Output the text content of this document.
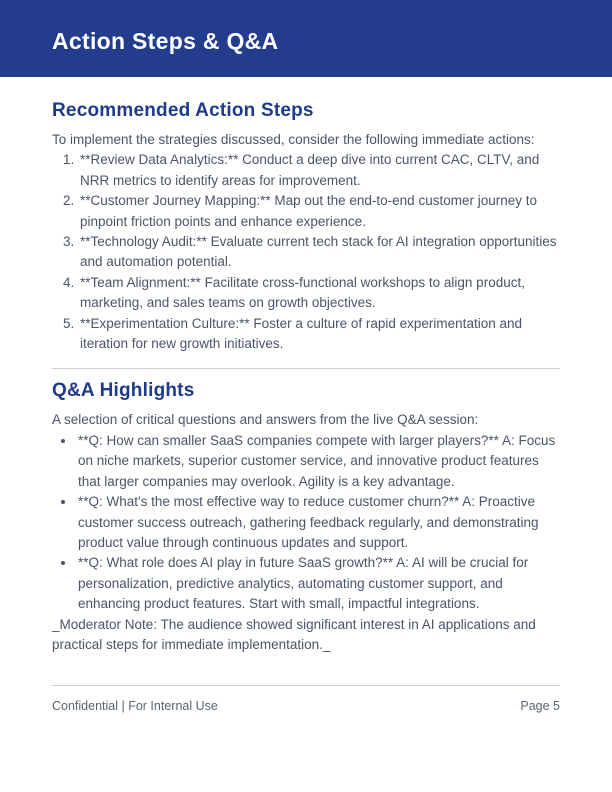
Action Steps & Q&A
Recommended Action Steps

To implement the strategies discussed, consider the following immediate actions:

1. **Review Data Analytics:** Conduct a deep dive into current CAC, CLTV, and NRR metrics to identify areas for improvement.
2. **Customer Journey Mapping:** Map out the end-to-end customer journey to pinpoint friction points and enhance experience.
3. **Technology Audit:** Evaluate current tech stack for AI integration opportunities and automation potential.
4. **Team Alignment:** Facilitate cross-functional workshops to align product, marketing, and sales teams on growth objectives.
5. **Experimentation Culture:** Foster a culture of rapid experimentation and iteration for new growth initiatives.
Q&A Highlights

A selection of critical questions and answers from the live Q&A session:

• **Q: How can smaller SaaS companies compete with larger players?** A: Focus on niche markets, superior customer service, and innovative product features that larger companies may overlook. Agility is a key advantage.
• **Q: What's the most effective way to reduce customer churn?** A: Proactive customer success outreach, gathering feedback regularly, and demonstrating product value through continuous updates and support.
• **Q: What role does AI play in future SaaS growth?** A: AI will be crucial for personalization, predictive analytics, automating customer support, and enhancing product features. Start with small, impactful integrations.

_Moderator Note: The audience showed significant interest in AI applications and practical steps for immediate implementation._

Confidential | For Internal Use	Page 5
